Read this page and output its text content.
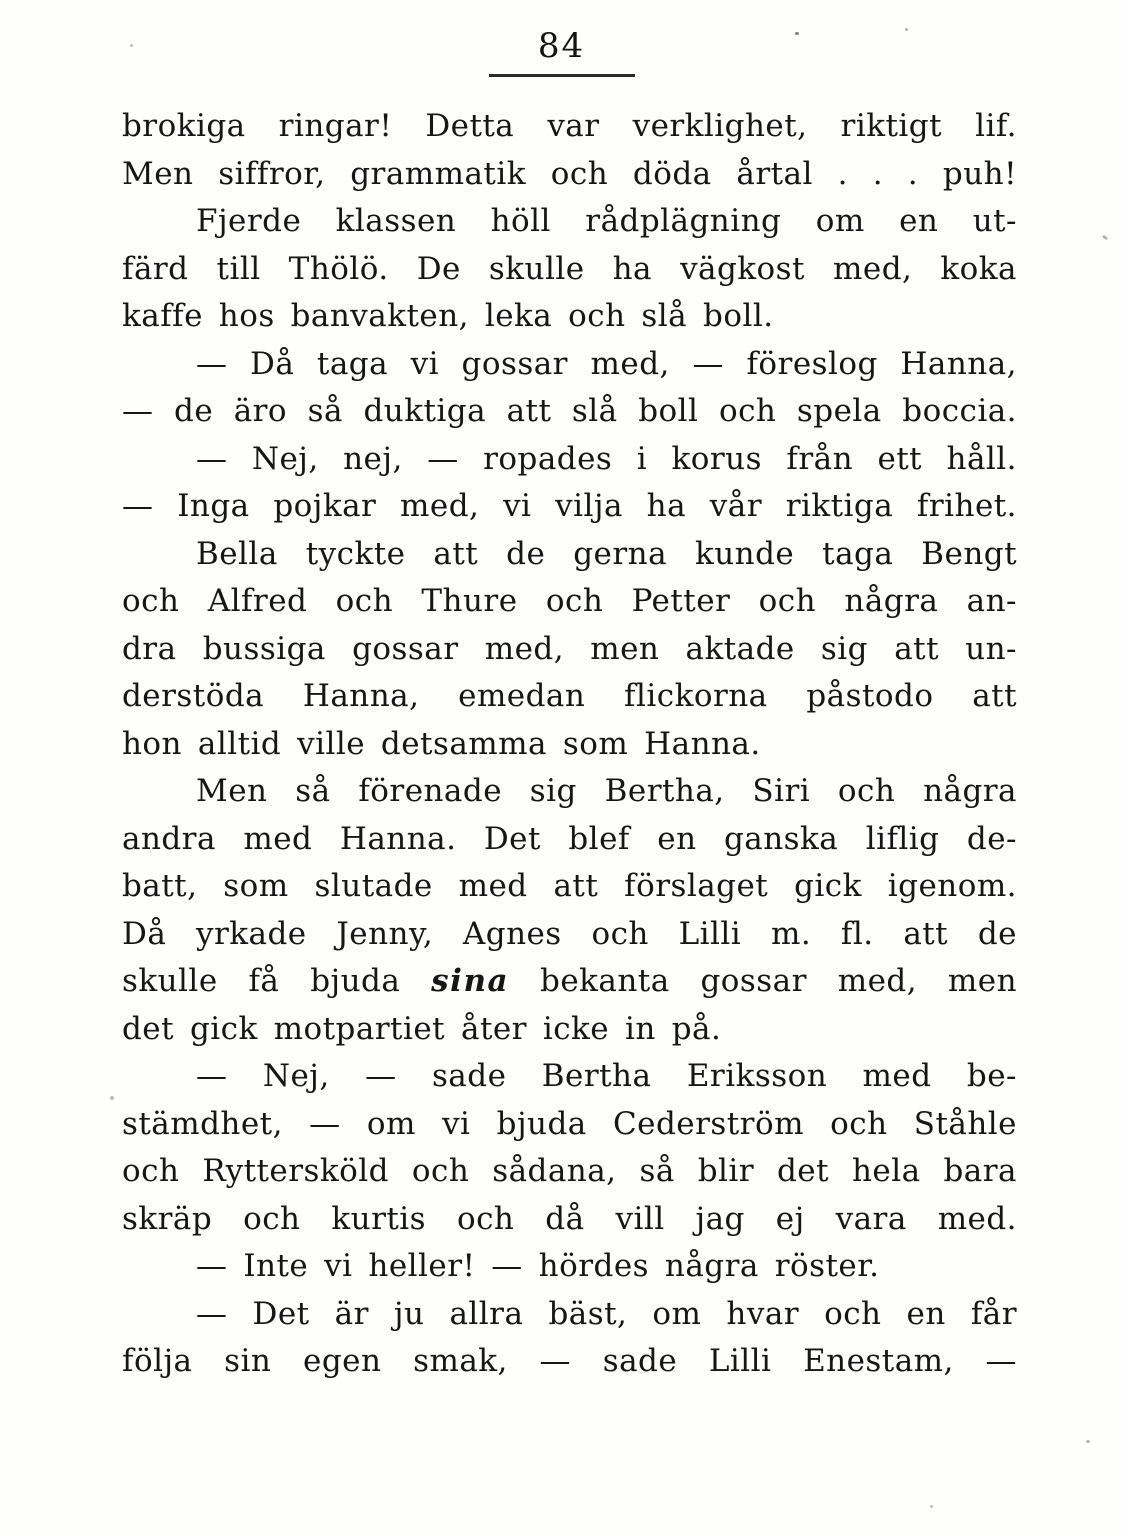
84
brokiga ringar! Detta var verklighet, riktigt lif.
Men siffror, grammatik och döda årtal . . . puh!
Fjerde klassen höll rådplägning om en ut-
färd till Thölö. De skulle ha vägkost med, koka
kaffe hos banvakten, leka och slå boll.
— Då taga vi gossar med, — föreslog Hanna,
— de äro så duktiga att slå boll och spela boccia.
— Nej, nej, — ropades i korus från ett håll.
— Inga pojkar med, vi vilja ha vår riktiga frihet.
Bella tyckte att de gerna kunde taga Bengt
och Alfred och Thure och Petter och några an-
dra bussiga gossar med, men aktade sig att un-
derstöda Hanna, emedan flickorna påstodo att
hon alltid ville detsamma som Hanna.
Men så förenade sig Bertha, Siri och några
andra med Hanna. Det blef en ganska liflig de-
batt, som slutade med att förslaget gick igenom.
Då yrkade Jenny, Agnes och Lilli m. fl. att de
skulle få bjuda sina bekanta gossar med, men
det gick motpartiet åter icke in på.
— Nej, — sade Bertha Eriksson med be-
stämdhet, — om vi bjuda Cederström och Ståhle
och Ryttersköld och sådana, så blir det hela bara
skräp och kurtis och då vill jag ej vara med.
— Inte vi heller! — hördes några röster.
— Det är ju allra bäst, om hvar och en får
följa sin egen smak, — sade Lilli Enestam, —
